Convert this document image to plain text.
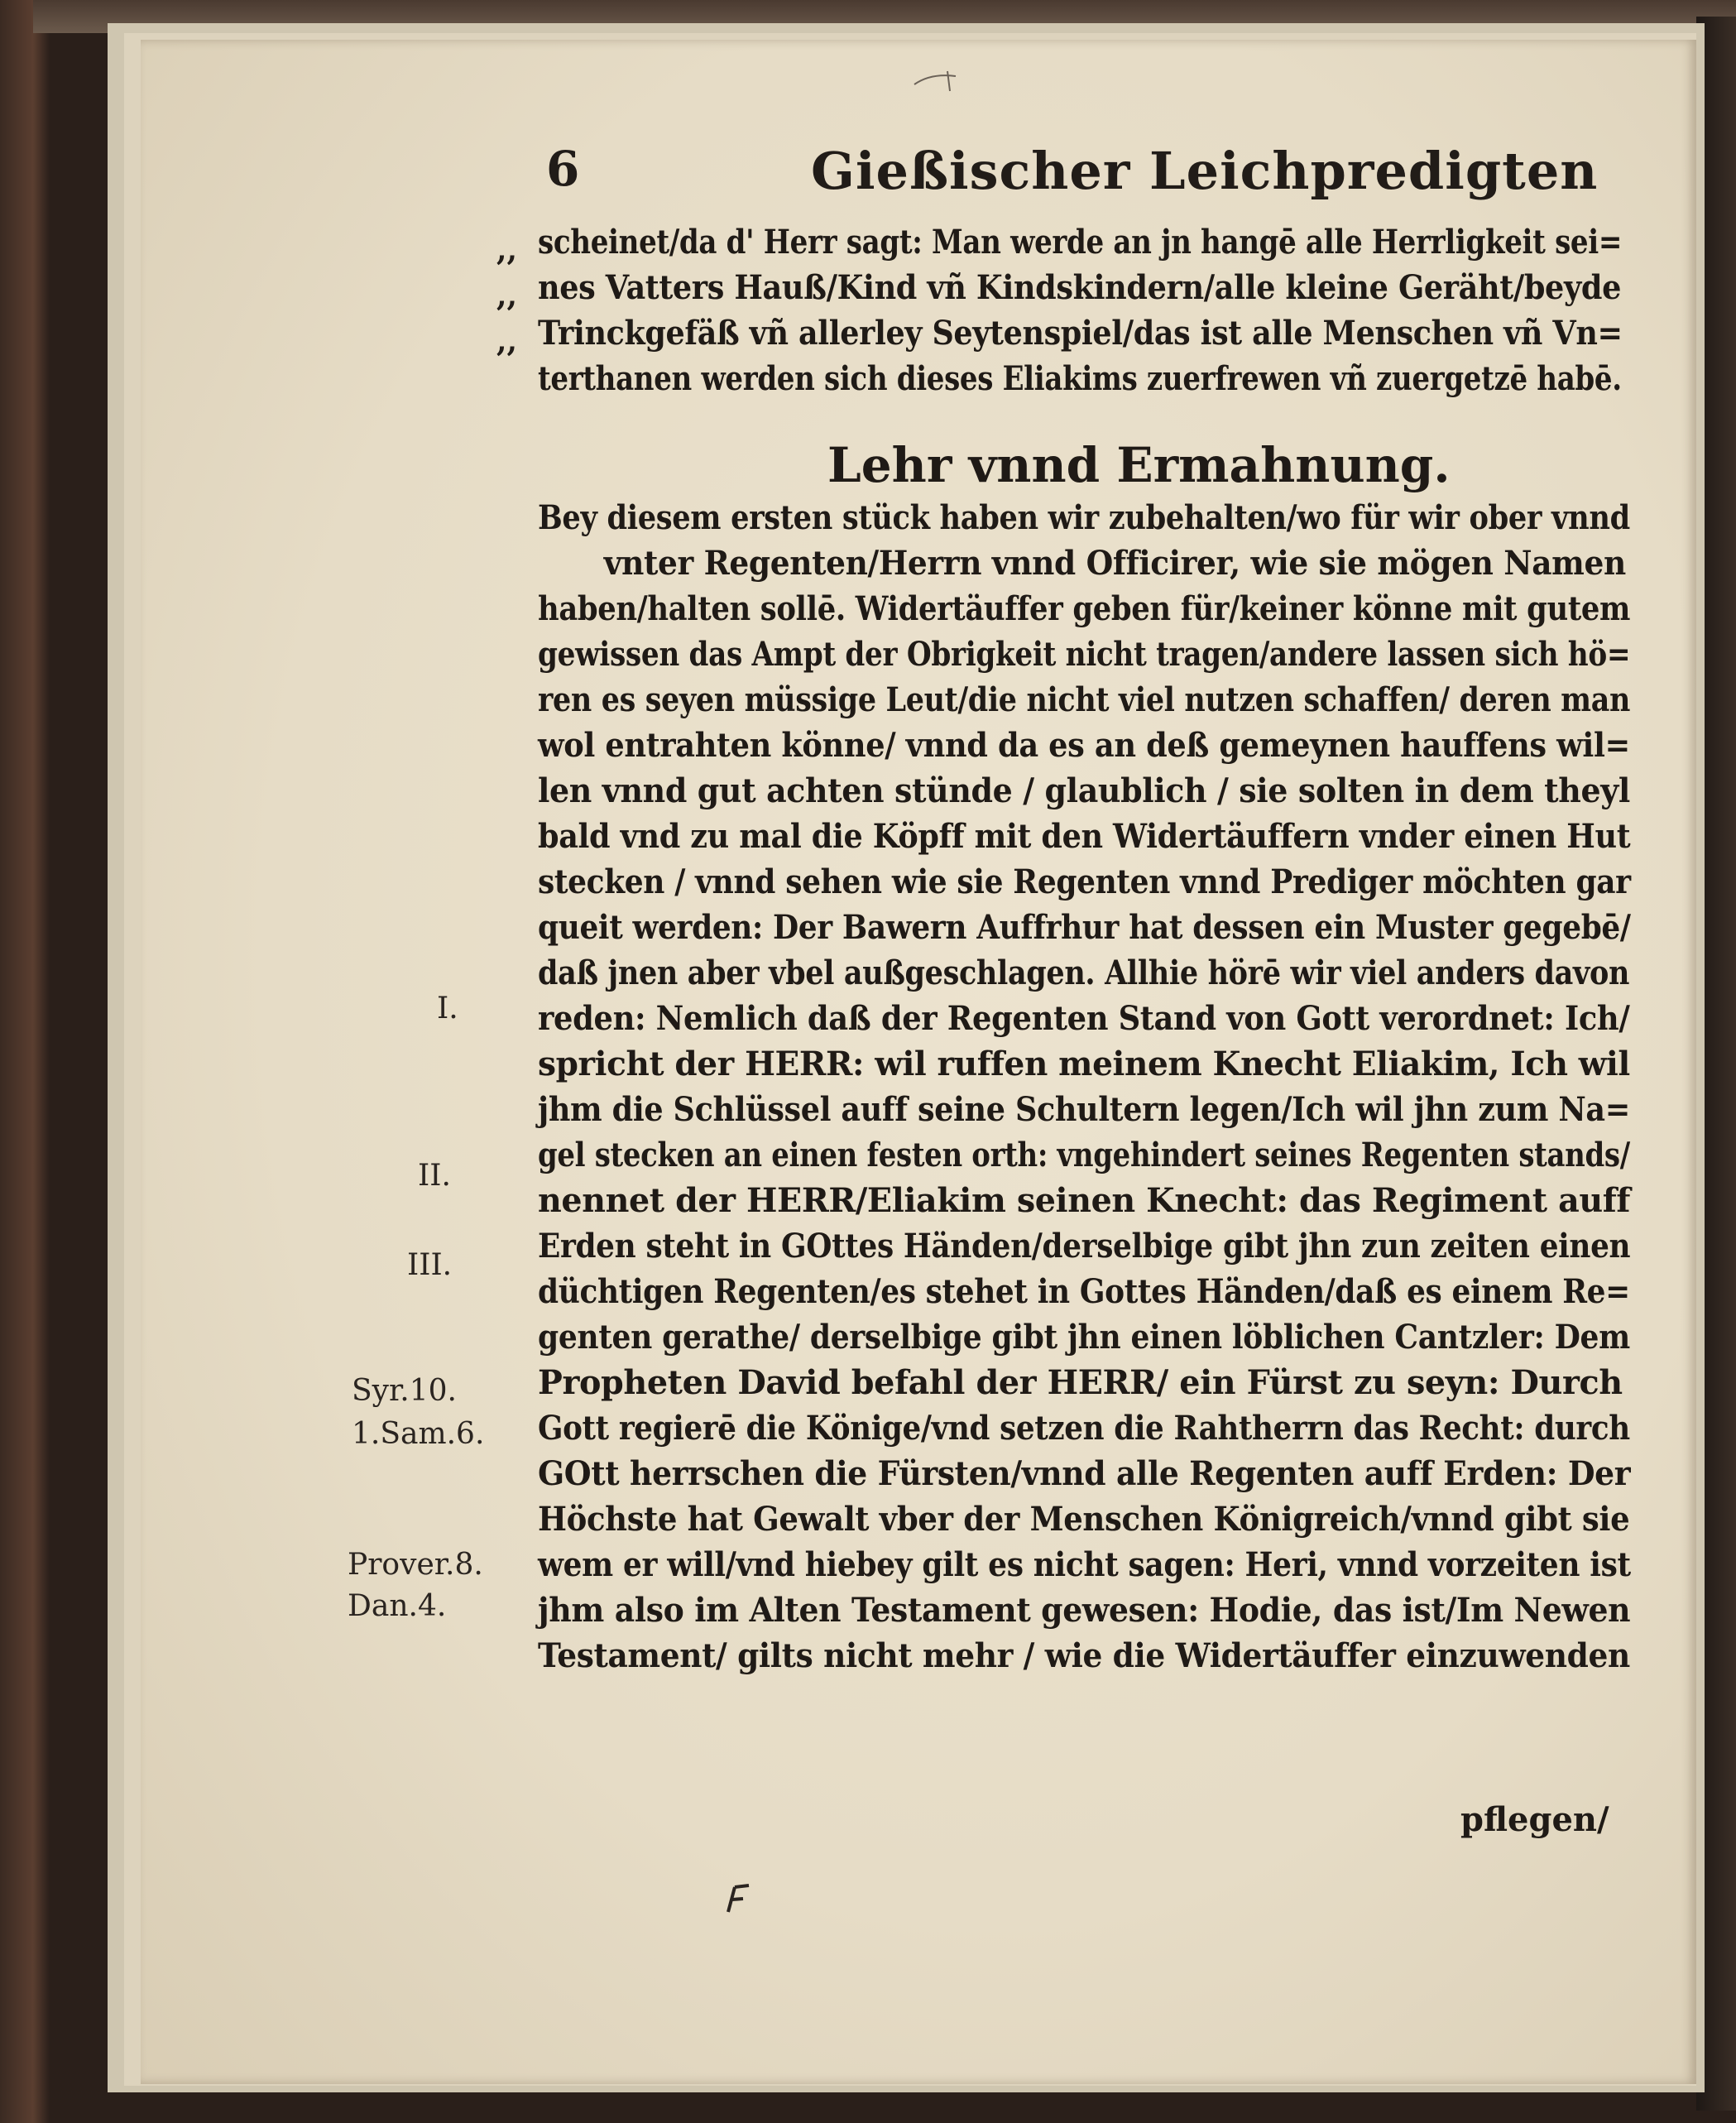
6	Gießischer Leichpredigten
,,
,,
,,
scheinet/da d' Herr sagt: Man werde an jn hangē alle Herrligkeit sei=
nes Vatters Hauß/Kind vñ Kindskindern/alle kleine Geräht/beyde
Trinckgefäß vñ allerley Seytenspiel/das ist alle Menschen vñ Vn=
terthanen werden sich dieses Eliakims zuerfrewen vñ zuergetzē habē.
Lehr vnnd Ermahnung.
Bey diesem ersten stück haben wir zubehalten/wo für wir ober vnnd
vnter Regenten/Herrn vnnd Officirer, wie sie mögen Namen
haben/halten sollē. Widertäuffer geben für/keiner könne mit gutem
gewissen das Ampt der Obrigkeit nicht tragen/andere lassen sich hö=
ren es seyen müssige Leut/die nicht viel nutzen schaffen/ deren man
wol entrahten könne/ vnnd da es an deß gemeynen hauffens wil=
len vnnd gut achten stünde / glaublich / sie solten in dem theyl
bald vnd zu mal die Köpff mit den Widertäuffern vnder einen Hut
stecken / vnnd sehen wie sie Regenten vnnd Prediger möchten gar
queit werden: Der Bawern Auffrhur hat dessen ein Muster gegebē/
daß jnen aber vbel außgeschlagen. Allhie hörē wir viel anders davon
reden: Nemlich daß der Regenten Stand von Gott verordnet: Ich/
spricht der HERR: wil ruffen meinem Knecht Eliakim, Ich wil
jhm die Schlüssel auff seine Schultern legen/Ich wil jhn zum Na=
gel stecken an einen festen orth: vngehindert seines Regenten stands/
nennet der HERR/Eliakim seinen Knecht: das Regiment auff
Erden steht in GOttes Händen/derselbige gibt jhn zun zeiten einen
düchtigen Regenten/es stehet in Gottes Händen/daß es einem Re=
genten gerathe/ derselbige gibt jhn einen löblichen Cantzler: Dem
Propheten David befahl der HERR/ ein Fürst zu seyn: Durch
Gott regierē die Könige/vnd setzen die Rahtherrn das Recht: durch
GOtt herrschen die Fürsten/vnnd alle Regenten auff Erden: Der
Höchste hat Gewalt vber der Menschen Königreich/vnnd gibt sie
wem er will/vnd hiebey gilt es nicht sagen: Heri, vnnd vorzeiten ist
jhm also im Alten Testament gewesen: Hodie, das ist/Im Newen
Testament/ gilts nicht mehr / wie die Widertäuffer einzuwenden
I.
II.
III.
Syr.10.
1.Sam.6.
Prover.8.
Dan.4.
pflegen/
